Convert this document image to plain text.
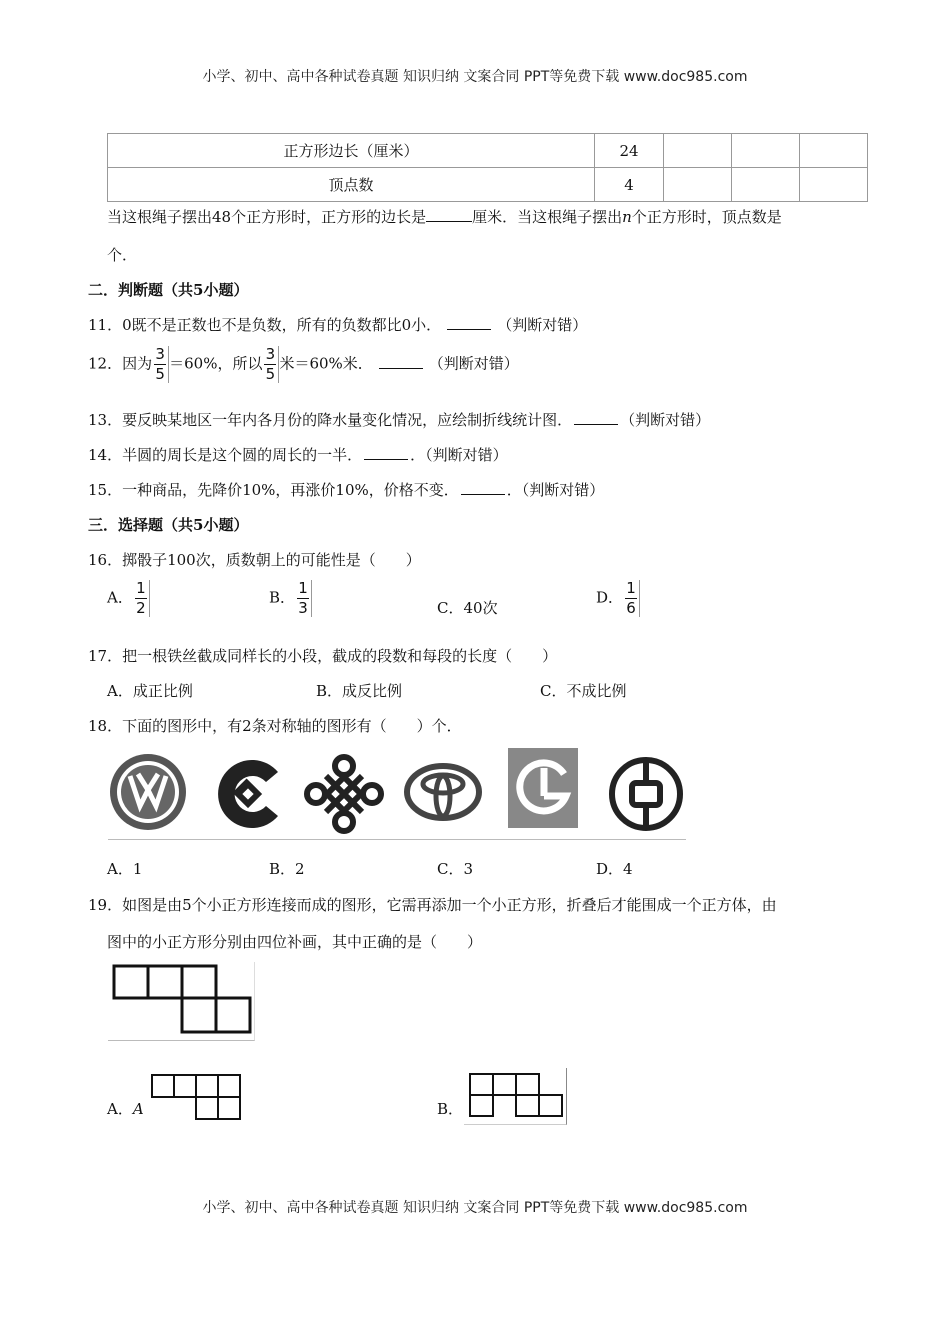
小学、初中、高中各种试卷真题 知识归纳 文案合同 PPT等免费下载 www.doc985.com
正方形边长（厘米）	24			
顶点数	4			
当这根绳子摆出48个正方形时，正方形的边长是	厘米．当这根绳子摆出n个正方形时，顶点数是
个．
二．判断题（共5小题）
11．0既不是正数也不是负数，所有的负数都比0小．	（判断对错）
12．因为 $\frac{3}{5} =60\%$，所以 $\frac{3}{5}$ 米＝60%米．	（判断对错）
13．要反映某地区一年内各月份的降水量变化情况，应绘制折线统计图．	（判断对错）
14．半圆的周长是这个圆的周长的一半．	．（判断对错）
15．一种商品，先降价10%，再涨价10%，价格不变．	．（判断对错）
三．选择题（共5小题）
16．掷骰子100次，质数朝上的可能性是（　　）
A． $\frac{1}{2}$	B． $\frac{1}{3}$	C．40次
D． $\frac{1}{6}$
17．把一根铁丝截成同样长的小段，截成的段数和每段的长度（　　）
A．成正比例	B．成反比例	C．不成比例
18．下面的图形中，有2条对称轴的图形有（　　）个．
A．1	B．2	C．3	D．4
19．如图是由5个小正方形连接而成的图形，它需再添加一个小正方形，折叠后才能围成一个正方体，由
图中的小正方形分别由四位补画，其中正确的是（　　）
A．A	B．
小学、初中、高中各种试卷真题 知识归纳 文案合同 PPT等免费下载 www.doc985.com
